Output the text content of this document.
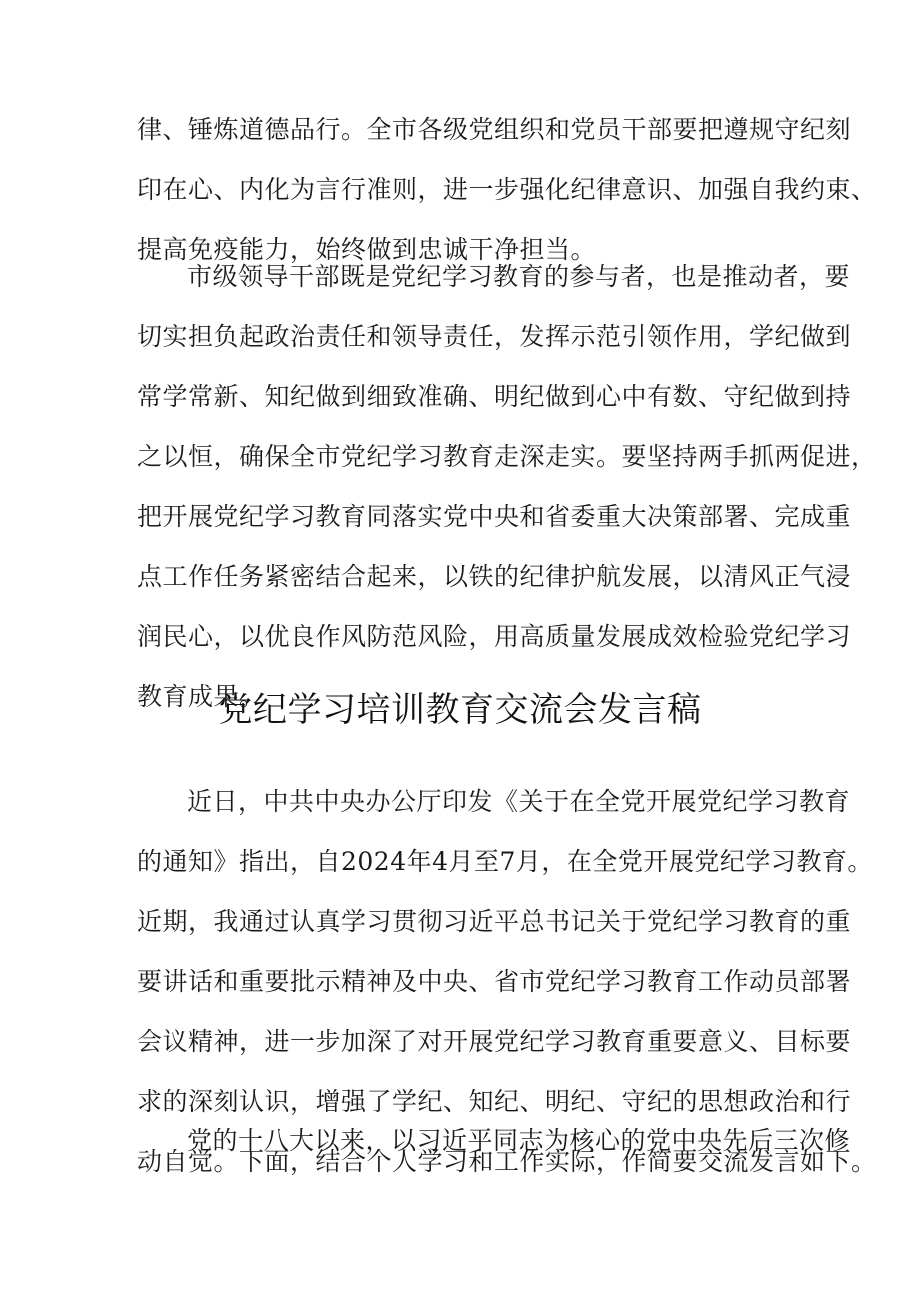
律、锤炼道德品行。全市各级党组织和党员干部要把遵规守纪刻
印在心、内化为言行准则，进一步强化纪律意识、加强自我约束、
提高免疫能力，始终做到忠诚干净担当。
市级领导干部既是党纪学习教育的参与者，也是推动者，要
切实担负起政治责任和领导责任，发挥示范引领作用，学纪做到
常学常新、知纪做到细致准确、明纪做到心中有数、守纪做到持
之以恒，确保全市党纪学习教育走深走实。要坚持两手抓两促进，
把开展党纪学习教育同落实党中央和省委重大决策部署、完成重
点工作任务紧密结合起来，以铁的纪律护航发展，以清风正气浸
润民心，以优良作风防范风险，用高质量发展成效检验党纪学习
教育成果。
党纪学习培训教育交流会发言稿
近日，中共中央办公厅印发《关于在全党开展党纪学习教育
的通知》指出，自2024年4月至7月，在全党开展党纪学习教育。
近期，我通过认真学习贯彻习近平总书记关于党纪学习教育的重
要讲话和重要批示精神及中央、省市党纪学习教育工作动员部署
会议精神，进一步加深了对开展党纪学习教育重要意义、目标要
求的深刻认识，增强了学纪、知纪、明纪、守纪的思想政治和行
动自觉。下面，结合个人学习和工作实际，作简要交流发言如下。
党的十八大以来，以习近平同志为核心的党中央先后三次修
